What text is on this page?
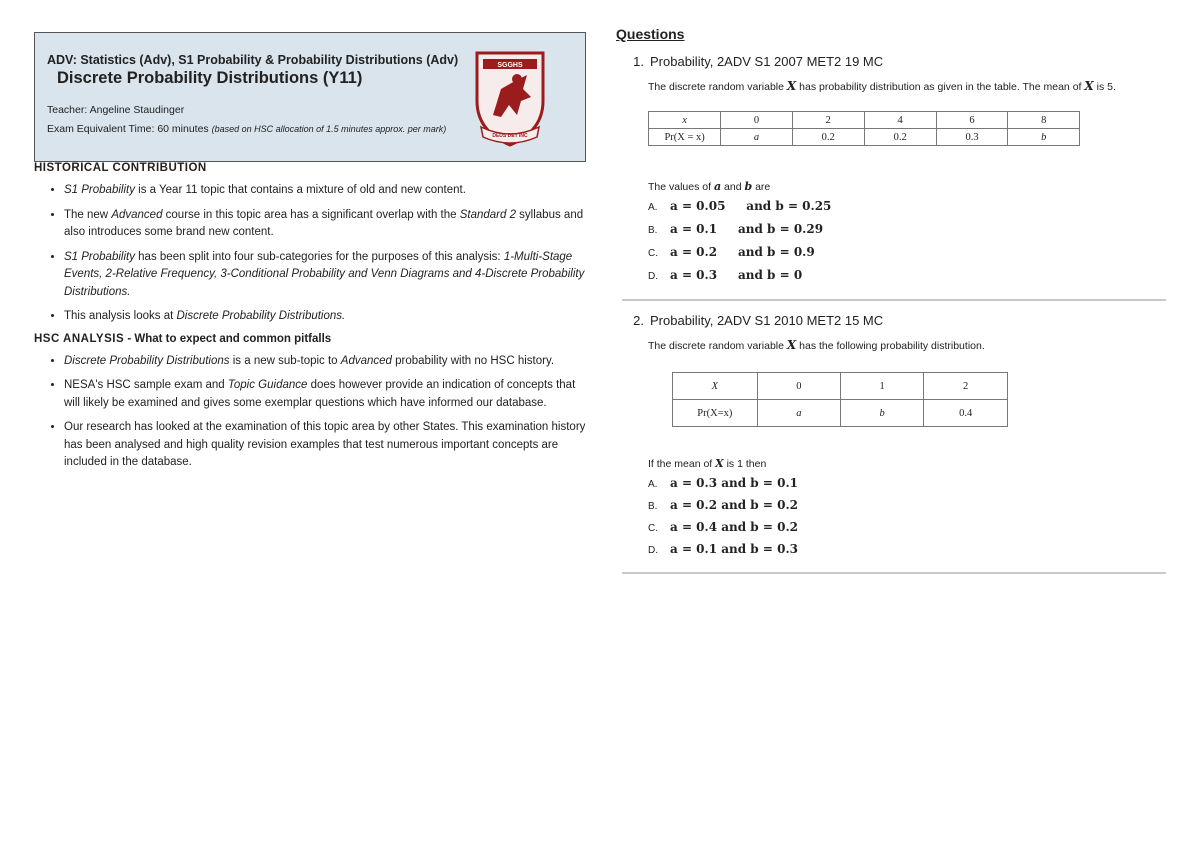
ADV: Statistics (Adv), S1 Probability & Probability Distributions (Adv)
Discrete Probability Distributions (Y11)
Teacher: Angeline Staudinger
Exam Equivalent Time: 60 minutes (based on HSC allocation of 1.5 minutes approx. per mark)
SGGHS
DEUS DET INC
HISTORICAL CONTRIBUTION
• S1 Probability is a Year 11 topic that contains a mixture of old and new content.
• The new Advanced course in this topic area has a significant overlap with the Standard 2 syllabus and also introduces some brand new content.
• S1 Probability has been split into four sub-categories for the purposes of this analysis: 1-Multi-Stage Events, 2-Relative Frequency, 3-Conditional Probability and Venn Diagrams and 4-Discrete Probability Distributions.
• This analysis looks at Discrete Probability Distributions.
HSC ANALYSIS - What to expect and common pitfalls
• Discrete Probability Distributions is a new sub-topic to Advanced probability with no HSC history.
• NESA's HSC sample exam and Topic Guidance does however provide an indication of concepts that will likely be examined and gives some exemplar questions which have informed our database.
• Our research has looked at the examination of this topic area by other States. This examination history has been analysed and high quality revision examples that test numerous important concepts are included in the database.
Questions
1. Probability, 2ADV S1 2007 MET2 19 MC
The discrete random variable X has probability distribution as given in the table. The mean of X is 5.
x	0	2	4	6	8
Pr(X = x)	a	0.2	0.2	0.3	b
The values of a and b are
A.	a = 0.05     and b = 0.25
B.	a = 0.1     and b = 0.29
C.	a = 0.2     and b = 0.9
D.	a = 0.3     and b = 0
2. Probability, 2ADV S1 2010 MET2 15 MC
The discrete random variable X has the following probability distribution.
X	0	1	2
Pr(X=x)	a	b	0.4
If the mean of X is 1 then
A.	a = 0.3 and b = 0.1
B.	a = 0.2 and b = 0.2
C.	a = 0.4 and b = 0.2
D.	a = 0.1 and b = 0.3
